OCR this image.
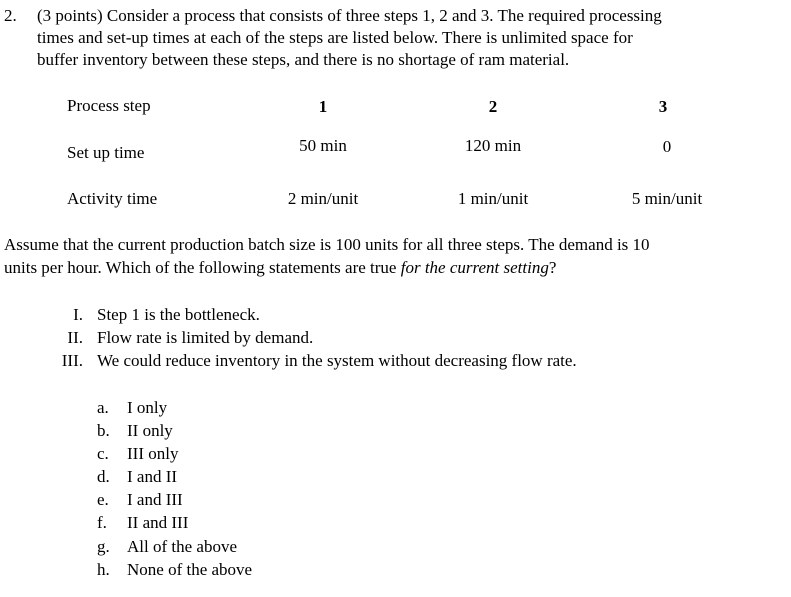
2. (3 points) Consider a process that consists of three steps 1, 2 and 3. The required processing
times and set-up times at each of the steps are listed below. There is unlimited space for
buffer inventory between these steps, and there is no shortage of ram material.
Process step	1	2	3
Set up time	50 min	120 min	0
Activity time	2 min/unit	1 min/unit	5 min/unit
Assume that the current production batch size is 100 units for all three steps. The demand is 10
units per hour. Which of the following statements are true for the current setting?
I. Step 1 is the bottleneck.
II. Flow rate is limited by demand.
III. We could reduce inventory in the system without decreasing flow rate.
a. I only
b. II only
c. III only
d. I and II
e. I and III
f. II and III
g. All of the above
h. None of the above
